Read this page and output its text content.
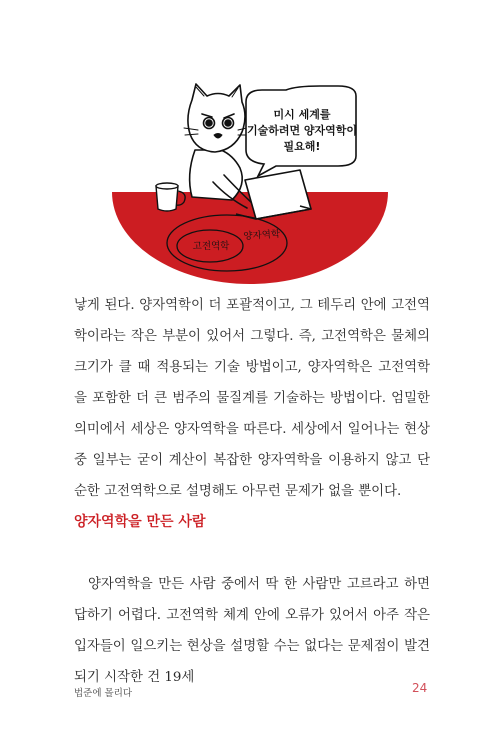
양자역학
고전역학
미시 세계를
기술하려면 양자역학이
필요해!

낳게 된다. 양자역학이 더 포괄적이고, 그 테두리 안에 고전역학이라는 작은 부분이 있어서 그렇다. 즉, 고전역학은 물체의 크기가 클 때 적용되는 기술 방법이고, 양자역학은 고전역학을 포함한 더 큰 범주의 물질계를 기술하는 방법이다. 엄밀한 의미에서 세상은 양자역학을 따른다. 세상에서 일어나는 현상 중 일부는 굳이 계산이 복잡한 양자역학을 이용하지 않고 단순한 고전역학으로 설명해도 아무런 문제가 없을 뿐이다.

양자역학을 만든 사람

양자역학을 만든 사람 중에서 딱 한 사람만 고르라고 하면 답하기 어렵다. 고전역학 체계 안에 오류가 있어서 아주 작은 입자들이 일으키는 현상을 설명할 수는 없다는 문제점이 발견되기 시작한 건 19세

법준에 몰리다	24
